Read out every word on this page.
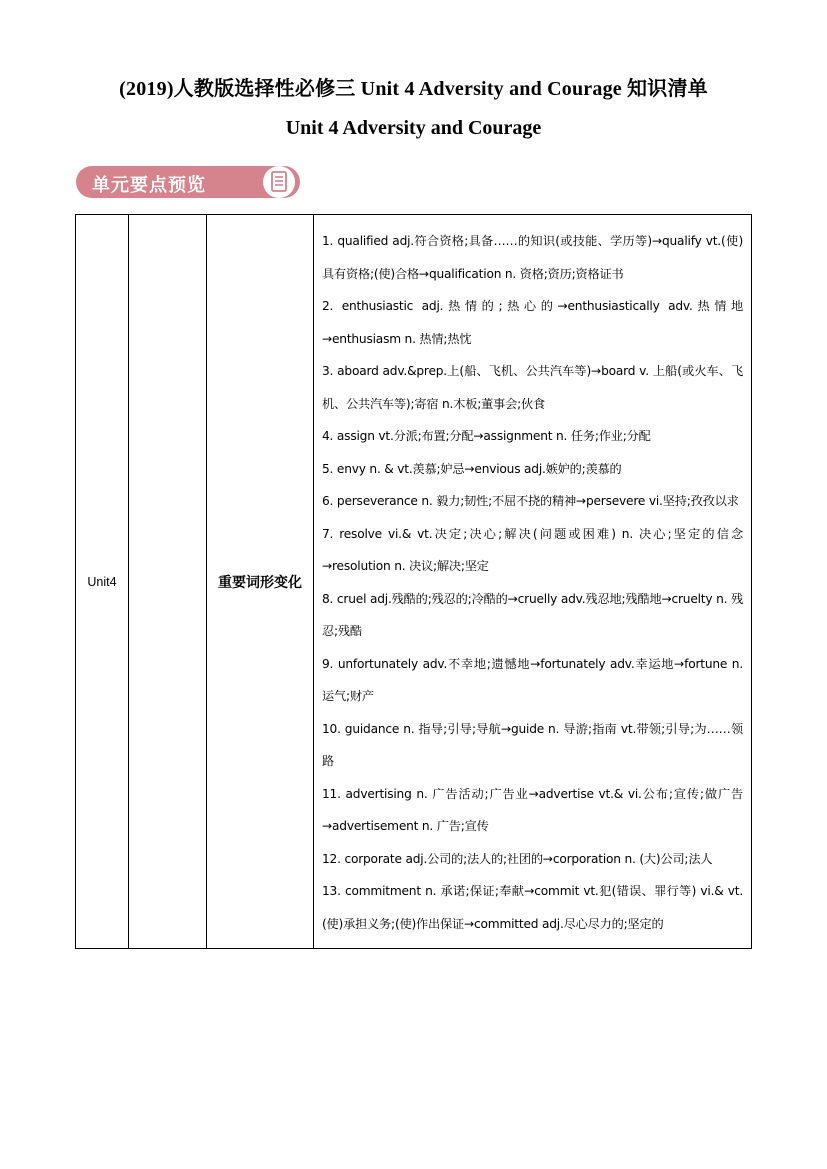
(2019)人教版选择性必修三 Unit 4 Adversity and Courage 知识清单
Unit 4 Adversity and Courage
单元要点预览
Unit4		重要词形变化	

1. qualified adj.符合资格;具备……的知识(或技能、学历等)→qualify vt.(使)具有资格;(使)合格→qualification n. 资格;资历;资格证书

2. enthusiastic adj.热情的;热心的→enthusiastically adv.热情地→enthusiasm n. 热情;热忱

3. aboard adv.&prep.上(船、飞机、公共汽车等)→board v. 上船(或火车、飞机、公共汽车等);寄宿 n.木板;董事会;伙食

4. assign vt.分派;布置;分配→assignment n. 任务;作业;分配

5. envy n. & vt.羡慕;妒忌→envious adj.嫉妒的;羡慕的

6. perseverance n. 毅力;韧性;不屈不挠的精神→persevere vi.坚持;孜孜以求

7. resolve vi.& vt.决定;决心;解决(问题或困难) n. 决心;坚定的信念→resolution n. 决议;解决;坚定

8. cruel adj.残酷的;残忍的;冷酷的→cruelly adv.残忍地;残酷地→cruelty n. 残忍;残酷

9. unfortunately adv.不幸地;遗憾地→fortunately adv.幸运地→fortune n. 运气;财产

10. guidance n. 指导;引导;导航→guide n. 导游;指南 vt.带领;引导;为……领路

11. advertising n. 广告活动;广告业→advertise vt.& vi.公布;宣传;做广告→advertisement n. 广告;宣传

12. corporate adj.公司的;法人的;社团的→corporation n. (大)公司;法人

13. commitment n. 承诺;保证;奉献→commit vt.犯(错误、罪行等) vi.& vt.(使)承担义务;(使)作出保证→committed adj.尽心尽力的;坚定的
